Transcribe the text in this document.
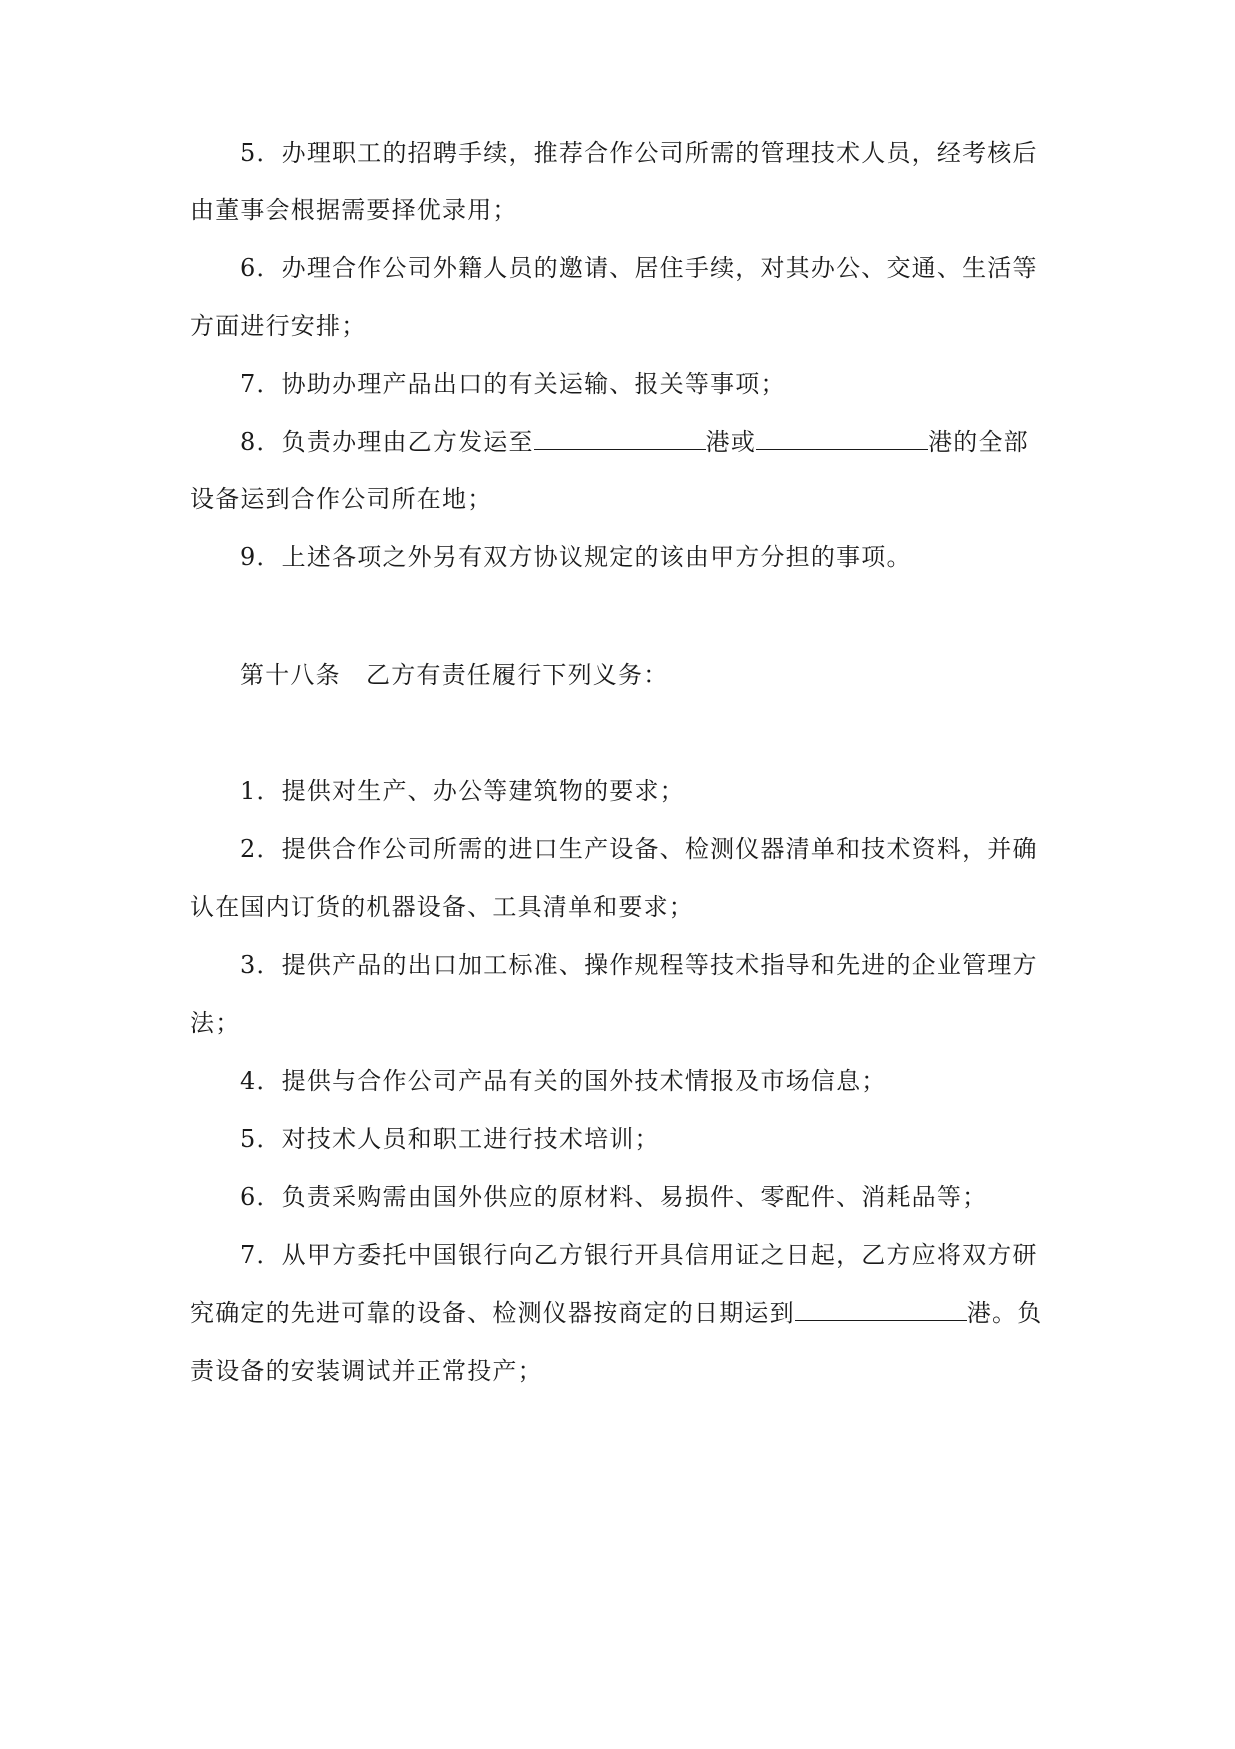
5．办理职工的招聘手续，推荐合作公司所需的管理技术人员，经考核后
由董事会根据需要择优录用；
6．办理合作公司外籍人员的邀请、居住手续，对其办公、交通、生活等
方面进行安排；
7．协助办理产品出口的有关运输、报关等事项；
8．负责办理由乙方发运至	港或	港的全部
设备运到合作公司所在地；
9．上述各项之外另有双方协议规定的该由甲方分担的事项。
第十八条　乙方有责任履行下列义务：
1．提供对生产、办公等建筑物的要求；
2．提供合作公司所需的进口生产设备、检测仪器清单和技术资料，并确
认在国内订货的机器设备、工具清单和要求；
3．提供产品的出口加工标准、操作规程等技术指导和先进的企业管理方
法；
4．提供与合作公司产品有关的国外技术情报及市场信息；
5．对技术人员和职工进行技术培训；
6．负责采购需由国外供应的原材料、易损件、零配件、消耗品等；
7．从甲方委托中国银行向乙方银行开具信用证之日起，乙方应将双方研
究确定的先进可靠的设备、检测仪器按商定的日期运到	港。负
责设备的安装调试并正常投产；
